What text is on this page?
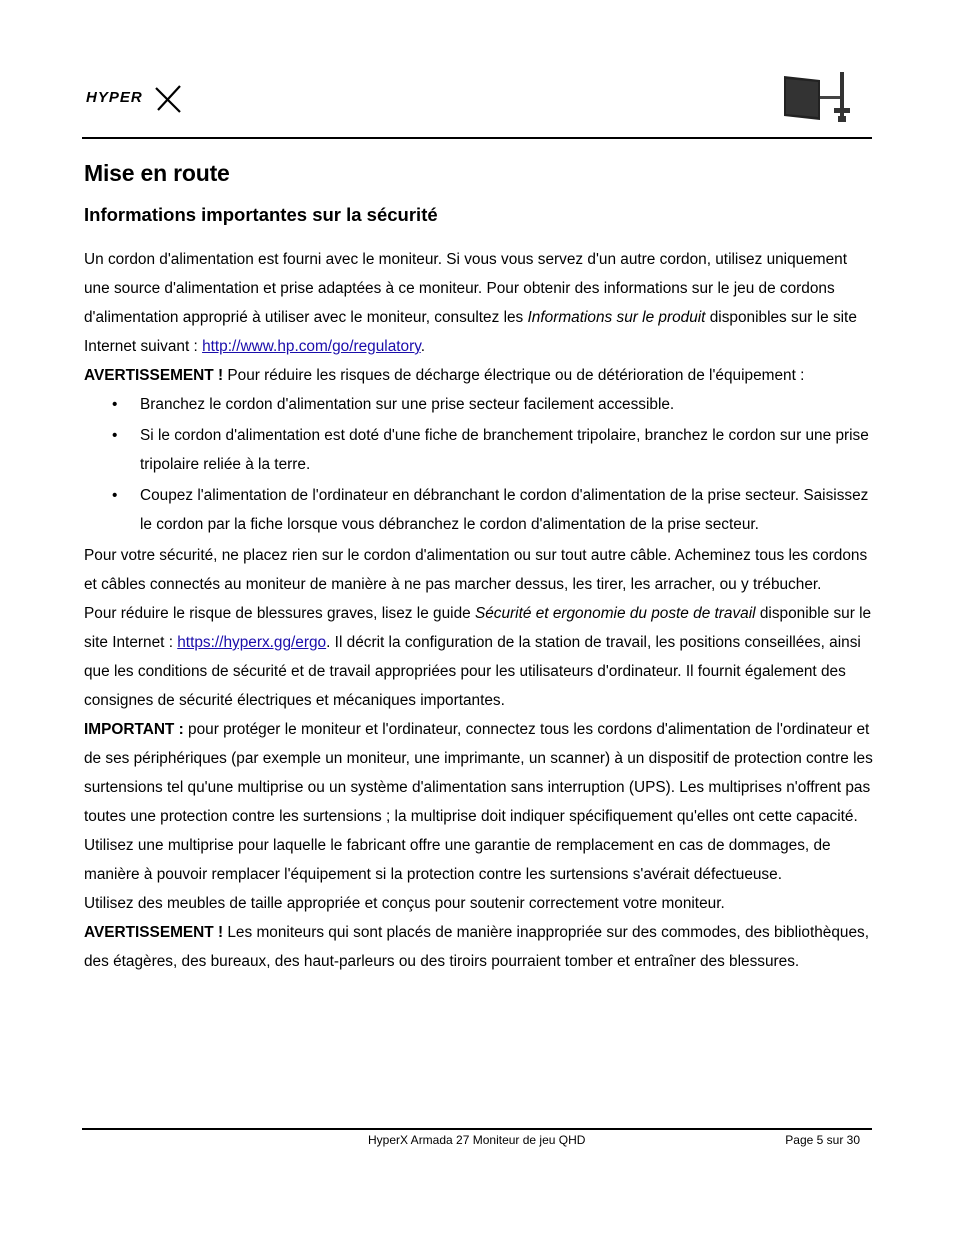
HYPER
Mise en route
Informations importantes sur la sécurité

Un cordon d'alimentation est fourni avec le moniteur. Si vous vous servez d'un autre cordon, utilisez uniquement une source d'alimentation et prise adaptées à ce moniteur. Pour obtenir des informations sur le jeu de cordons d'alimentation approprié à utiliser avec le moniteur, consultez les Informations sur le produit disponibles sur le site Internet suivant : http://www.hp.com/go/regulatory.

AVERTISSEMENT ! Pour réduire les risques de décharge électrique ou de détérioration de l'équipement :

• Branchez le cordon d'alimentation sur une prise secteur facilement accessible.
• Si le cordon d'alimentation est doté d'une fiche de branchement tripolaire, branchez le cordon sur une prise tripolaire reliée à la terre.
• Coupez l'alimentation de l'ordinateur en débranchant le cordon d'alimentation de la prise secteur. Saisissez le cordon par la fiche lorsque vous débranchez le cordon d'alimentation de la prise secteur.

Pour votre sécurité, ne placez rien sur le cordon d'alimentation ou sur tout autre câble. Acheminez tous les cordons et câbles connectés au moniteur de manière à ne pas marcher dessus, les tirer, les arracher, ou y trébucher.

Pour réduire le risque de blessures graves, lisez le guide Sécurité et ergonomie du poste de travail disponible sur le site Internet : https://hyperx.gg/ergo. Il décrit la configuration de la station de travail, les positions conseillées, ainsi que les conditions de sécurité et de travail appropriées pour les utilisateurs d'ordinateur. Il fournit également des consignes de sécurité électriques et mécaniques importantes.

IMPORTANT : pour protéger le moniteur et l'ordinateur, connectez tous les cordons d'alimentation de l'ordinateur et de ses périphériques (par exemple un moniteur, une imprimante, un scanner) à un dispositif de protection contre les surtensions tel qu'une multiprise ou un système d'alimentation sans interruption (UPS). Les multiprises n'offrent pas toutes une protection contre les surtensions ; la multiprise doit indiquer spécifiquement qu'elles ont cette capacité. Utilisez une multiprise pour laquelle le fabricant offre une garantie de remplacement en cas de dommages, de manière à pouvoir remplacer l'équipement si la protection contre les surtensions s'avérait défectueuse.

Utilisez des meubles de taille appropriée et conçus pour soutenir correctement votre moniteur.

AVERTISSEMENT ! Les moniteurs qui sont placés de manière inappropriée sur des commodes, des bibliothèques, des étagères, des bureaux, des haut-parleurs ou des tiroirs pourraient tomber et entraîner des blessures.

HyperX Armada 27 Moniteur de jeu QHD	Page 5 sur 30
